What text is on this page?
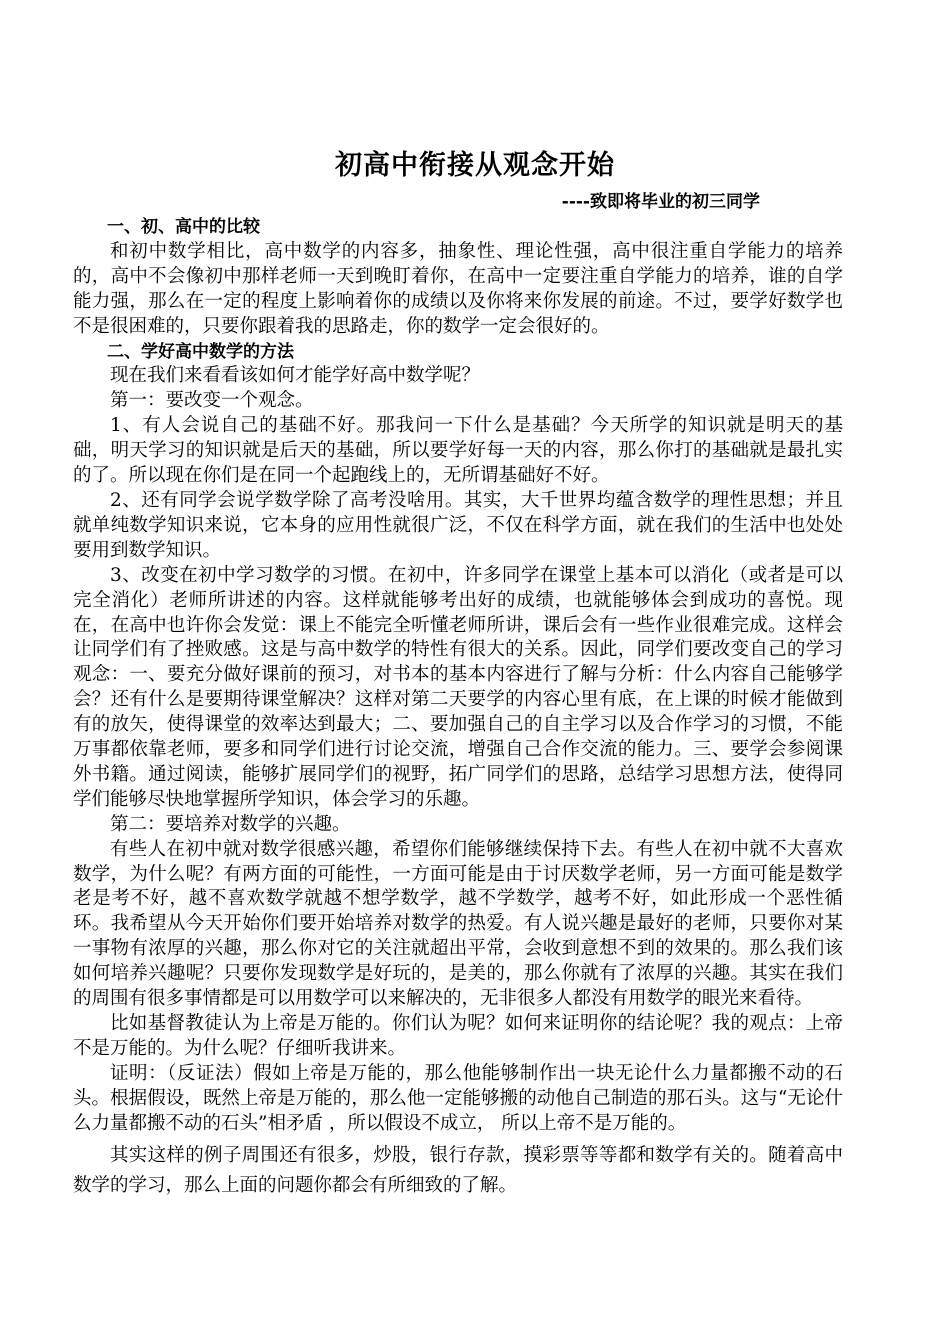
初高中衔接从观念开始
----致即将毕业的初三同学

一、初、高中的比较

和初中数学相比，高中数学的内容多，抽象性、理论性强，高中很注重自学能力的培养的，高中不会像初中那样老师一天到晚盯着你，在高中一定要注重自学能力的培养，谁的自学能力强，那么在一定的程度上影响着你的成绩以及你将来你发展的前途。不过，要学好数学也不是很困难的，只要你跟着我的思路走，你的数学一定会很好的。

二、学好高中数学的方法

现在我们来看看该如何才能学好高中数学呢？

第一：要改变一个观念。

1、有人会说自己的基础不好。那我问一下什么是基础？今天所学的知识就是明天的基础，明天学习的知识就是后天的基础，所以要学好每一天的内容，那么你打的基础就是最扎实的了。所以现在你们是在同一个起跑线上的，无所谓基础好不好。

2、还有同学会说学数学除了高考没啥用。其实，大千世界均蕴含数学的理性思想；并且就单纯数学知识来说，它本身的应用性就很广泛，不仅在科学方面，就在我们的生活中也处处要用到数学知识。

3、改变在初中学习数学的习惯。在初中，许多同学在课堂上基本可以消化（或者是可以完全消化）老师所讲述的内容。这样就能够考出好的成绩，也就能够体会到成功的喜悦。现在，在高中也许你会发觉：课上不能完全听懂老师所讲，课后会有一些作业很难完成。这样会让同学们有了挫败感。这是与高中数学的特性有很大的关系。因此，同学们要改变自己的学习观念：一、要充分做好课前的预习，对书本的基本内容进行了解与分析：什么内容自己能够学会？还有什么是要期待课堂解决？这样对第二天要学的内容心里有底，在上课的时候才能做到有的放矢，使得课堂的效率达到最大；二、要加强自己的自主学习以及合作学习的习惯，不能万事都依靠老师，要多和同学们进行讨论交流，增强自己合作交流的能力。三、要学会参阅课外书籍。通过阅读，能够扩展同学们的视野，拓广同学们的思路，总结学习思想方法，使得同学们能够尽快地掌握所学知识，体会学习的乐趣。

第二：要培养对数学的兴趣。

有些人在初中就对数学很感兴趣，希望你们能够继续保持下去。有些人在初中就不大喜欢数学，为什么呢？有两方面的可能性，一方面可能是由于讨厌数学老师，另一方面可能是数学老是考不好，越不喜欢数学就越不想学数学，越不学数学，越考不好，如此形成一个恶性循环。我希望从今天开始你们要开始培养对数学的热爱。有人说兴趣是最好的老师，只要你对某一事物有浓厚的兴趣，那么你对它的关注就超出平常，会收到意想不到的效果的。那么我们该如何培养兴趣呢？只要你发现数学是好玩的，是美的，那么你就有了浓厚的兴趣。其实在我们的周围有很多事情都是可以用数学可以来解决的，无非很多人都没有用数学的眼光来看待。

比如基督教徒认为上帝是万能的。你们认为呢？如何来证明你的结论呢？我的观点：上帝不是万能的。为什么呢？仔细听我讲来。

证明：（反证法）假如上帝是万能的，那么他能够制作出一块无论什么力量都搬不动的石头。根据假设，既然上帝是万能的，那么他一定能够搬的动他自己制造的那石头。这与“无论什么力量都搬不动的石头”相矛盾 ，所以假设不成立， 所以上帝不是万能的。

其实这样的例子周围还有很多，炒股，银行存款，摸彩票等等都和数学有关的。随着高中数学的学习，那么上面的问题你都会有所细致的了解。
